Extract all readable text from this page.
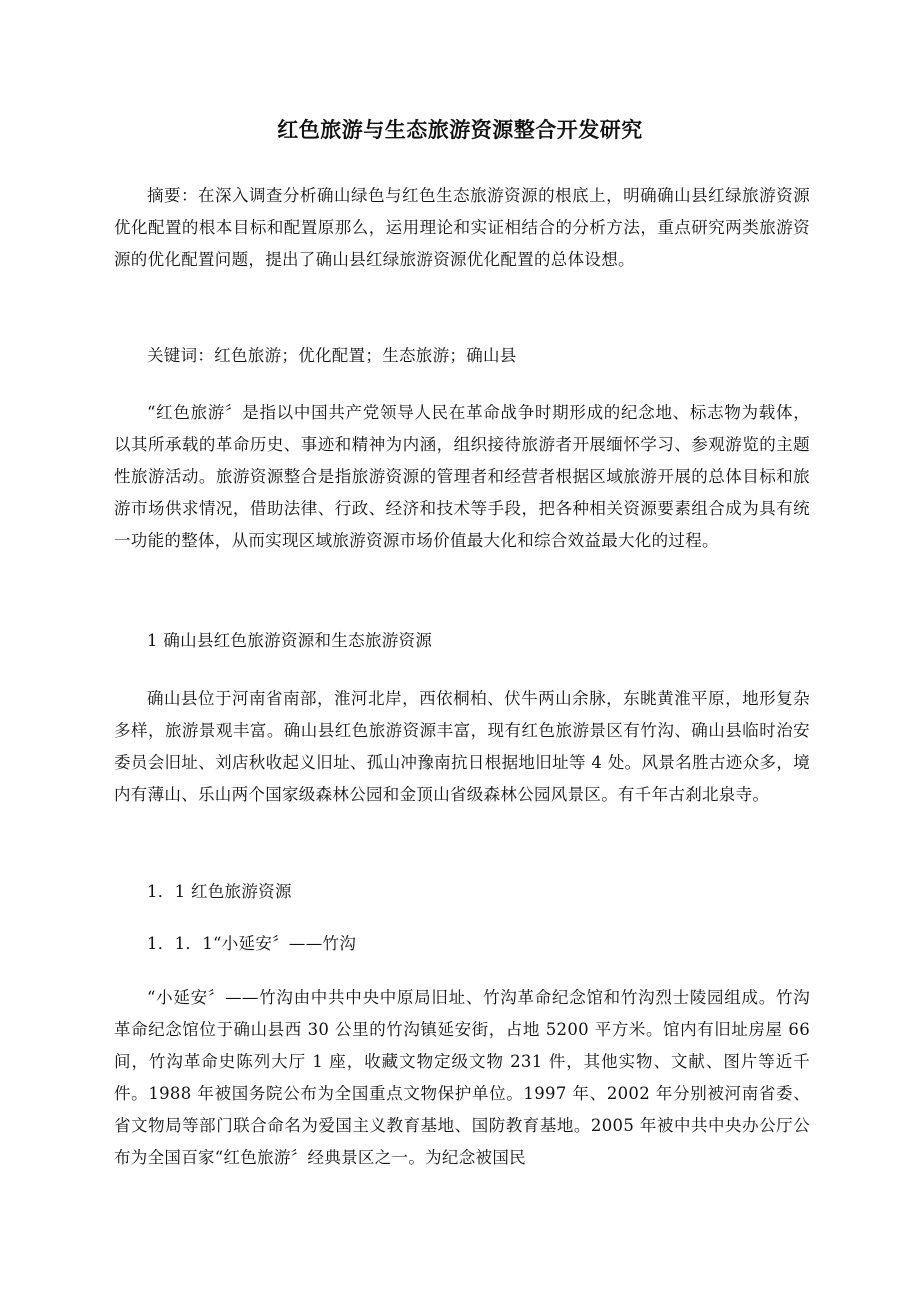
红色旅游与生态旅游资源整合开发研究

摘要：在深入调查分析确山绿色与红色生态旅游资源的根底上，明确确山县红绿旅游资源优化配置的根本目标和配置原那么，运用理论和实证相结合的分析方法，重点研究两类旅游资源的优化配置问题，提出了确山县红绿旅游资源优化配置的总体设想。

关键词：红色旅游；优化配置；生态旅游；确山县

“红色旅游〞是指以中国共产党领导人民在革命战争时期形成的纪念地、标志物为载体，以其所承载的革命历史、事迹和精神为内涵，组织接待旅游者开展缅怀学习、参观游览的主题性旅游活动。旅游资源整合是指旅游资源的管理者和经营者根据区域旅游开展的总体目标和旅游市场供求情况，借助法律、行政、经济和技术等手段，把各种相关资源要素组合成为具有统一功能的整体，从而实现区域旅游资源市场价值最大化和综合效益最大化的过程。

1 确山县红色旅游资源和生态旅游资源

确山县位于河南省南部，淮河北岸，西依桐柏、伏牛两山余脉，东眺黄淮平原，地形复杂多样，旅游景观丰富。确山县红色旅游资源丰富，现有红色旅游景区有竹沟、确山县临时治安委员会旧址、刘店秋收起义旧址、孤山冲豫南抗日根据地旧址等 4 处。风景名胜古迹众多，境内有薄山、乐山两个国家级森林公园和金顶山省级森林公园风景区。有千年古刹北泉寺。

1．1 红色旅游资源

1．1．1“小延安〞——竹沟

“小延安〞——竹沟由中共中央中原局旧址、竹沟革命纪念馆和竹沟烈士陵园组成。竹沟革命纪念馆位于确山县西 30 公里的竹沟镇延安街，占地 5200 平方米。馆内有旧址房屋 66 间，竹沟革命史陈列大厅 1 座，收藏文物定级文物 231 件，其他实物、文献、图片等近千件。1988 年被国务院公布为全国重点文物保护单位。1997 年、2002 年分别被河南省委、省文物局等部门联合命名为爱国主义教育基地、国防教育基地。2005 年被中共中央办公厅公布为全国百家“红色旅游〞经典景区之一。为纪念被国民
